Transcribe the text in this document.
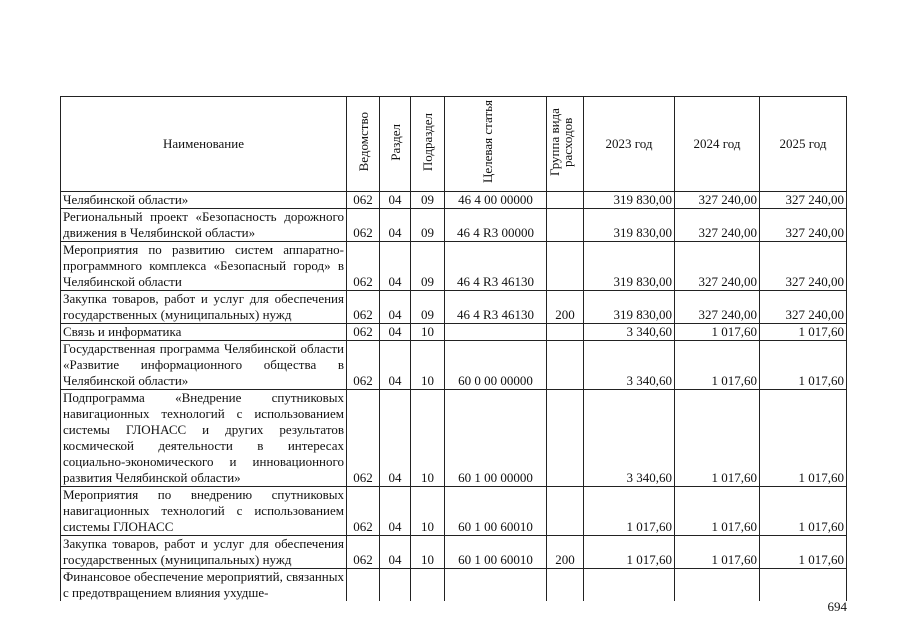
Наименование	Ведомство	Раздел	Подраздел	Целевая статья	Группа вида расходов	2023 год	2024 год	2025 год
Челябинской области»	062	04	09	46 4 00 00000		319 830,00	327 240,00	327 240,00
Региональный проект «Безопасность дорожного движения в Челябинской области»	062	04	09	46 4 R3 00000		319 830,00	327 240,00	327 240,00
Мероприятия по развитию систем аппаратно-программного комплекса «Безопасный город» в Челябинской области	062	04	09	46 4 R3 46130		319 830,00	327 240,00	327 240,00
Закупка товаров, работ и услуг для обеспечения государственных (муниципальных) нужд	062	04	09	46 4 R3 46130	200	319 830,00	327 240,00	327 240,00
Связь и информатика	062	04	10			3 340,60	1 017,60	1 017,60
Государственная программа Челябинской области «Развитие информационного общества в Челябинской области»	062	04	10	60 0 00 00000		3 340,60	1 017,60	1 017,60
Подпрограмма «Внедрение спутниковых навигационных технологий с использованием системы ГЛОНАСС и других результатов космической деятельности в интересах социально-экономического и инновационного развития Челябинской области»	062	04	10	60 1 00 00000		3 340,60	1 017,60	1 017,60
Мероприятия по внедрению спутниковых навигационных технологий с использованием системы ГЛОНАСС	062	04	10	60 1 00 60010		1 017,60	1 017,60	1 017,60
Закупка товаров, работ и услуг для обеспечения государственных (муниципальных) нужд	062	04	10	60 1 00 60010	200	1 017,60	1 017,60	1 017,60
Финансовое обеспечение мероприятий, связанных с предотвращением влияния ухудше-								
694
